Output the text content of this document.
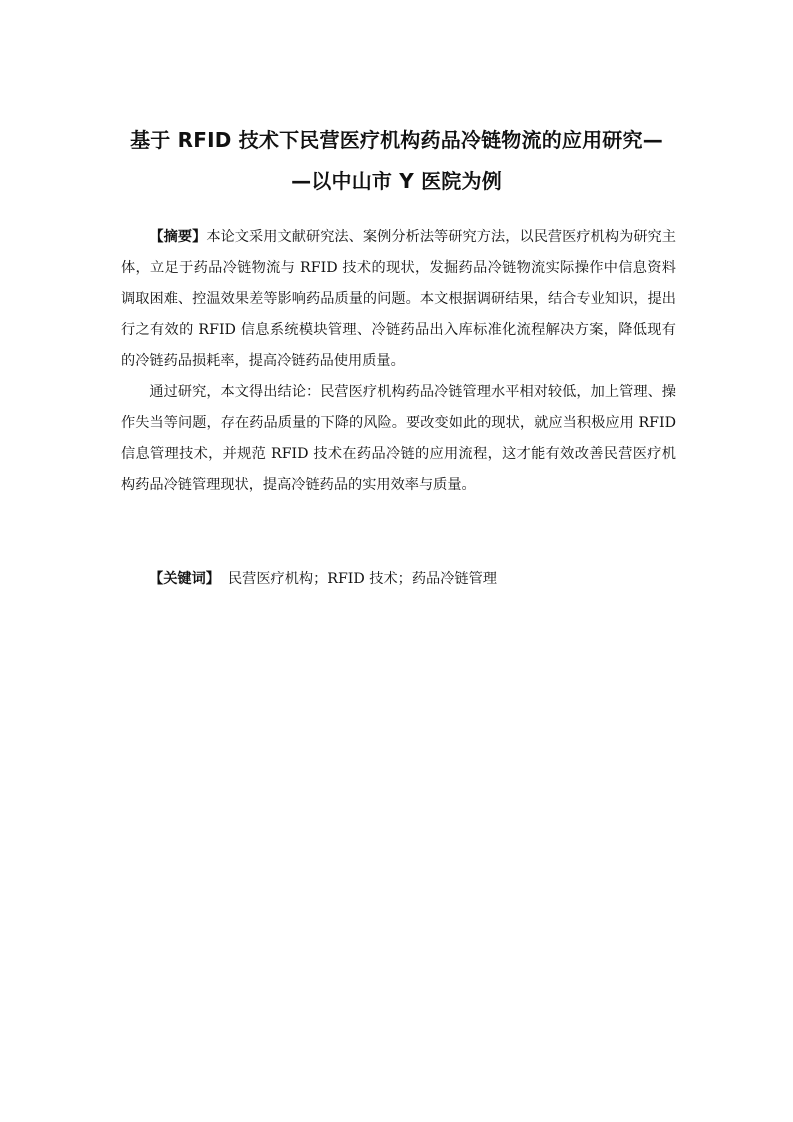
基于 RFID 技术下民营医疗机构药品冷链物流的应用研究—
—以中山市 Y 医院为例

【摘要】本论文采用文献研究法、案例分析法等研究方法，以民营医疗机构为研究主体，立足于药品冷链物流与 RFID 技术的现状，发掘药品冷链物流实际操作中信息资料调取困难、控温效果差等影响药品质量的问题。本文根据调研结果，结合专业知识，提出行之有效的 RFID 信息系统模块管理、冷链药品出入库标准化流程解决方案，降低现有的冷链药品损耗率，提高冷链药品使用质量。

通过研究，本文得出结论：民营医疗机构药品冷链管理水平相对较低，加上管理、操作失当等问题，存在药品质量的下降的风险。要改变如此的现状，就应当积极应用 RFID 信息管理技术，并规范 RFID 技术在药品冷链的应用流程，这才能有效改善民营医疗机构药品冷链管理现状，提高冷链药品的实用效率与质量。

【关键词】 民营医疗机构；RFID 技术；药品冷链管理
